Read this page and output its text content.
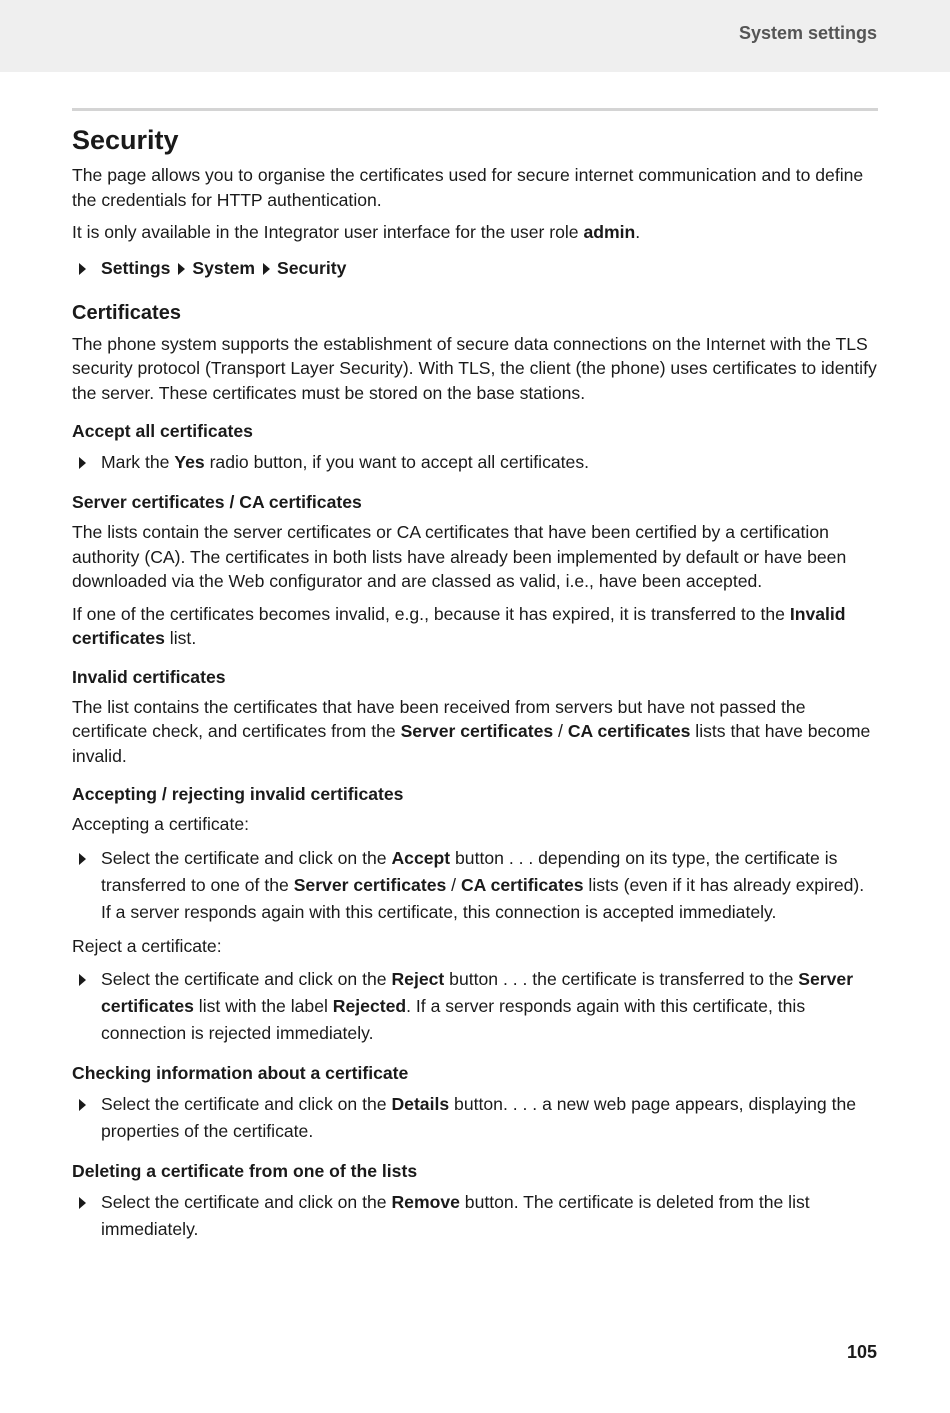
System settings
Security

The page allows you to organise the certificates used for secure internet communication and to define the credentials for HTTP authentication.

It is only available in the Integrator user interface for the user role admin.

Settings System Security
Certificates

The phone system supports the establishment of secure data connections on the Internet with the TLS security protocol (Transport Layer Security). With TLS, the client (the phone) uses certificates to identify the server. These certificates must be stored on the base stations.

Accept all certificates
Mark the Yes radio button, if you want to accept all certificates.
Server certificates / CA certificates

The lists contain the server certificates or CA certificates that have been certified by a certification authority (CA). The certificates in both lists have already been implemented by default or have been downloaded via the Web configurator and are classed as valid, i.e., have been accepted.

If one of the certificates becomes invalid, e.g., because it has expired, it is transferred to the Invalid certificates list.

Invalid certificates

The list contains the certificates that have been received from servers but have not passed the certificate check, and certificates from the Server certificates / CA certificates lists that have become invalid.

Accepting / rejecting invalid certificates

Accepting a certificate:

Select the certificate and click on the Accept button . . . depending on its type, the certificate is transferred to one of the Server certificates / CA certificates lists (even if it has already expired). If a server responds again with this certificate, this connection is accepted immediately.

Reject a certificate:

Select the certificate and click on the Reject button . . . the certificate is transferred to the Server certificates list with the label Rejected. If a server responds again with this certificate, this connection is rejected immediately.
Checking information about a certificate
Select the certificate and click on the Details button. . . . a new web page appears, displaying the properties of the certificate.
Deleting a certificate from one of the lists
Select the certificate and click on the Remove button. The certificate is deleted from the list immediately.
105
